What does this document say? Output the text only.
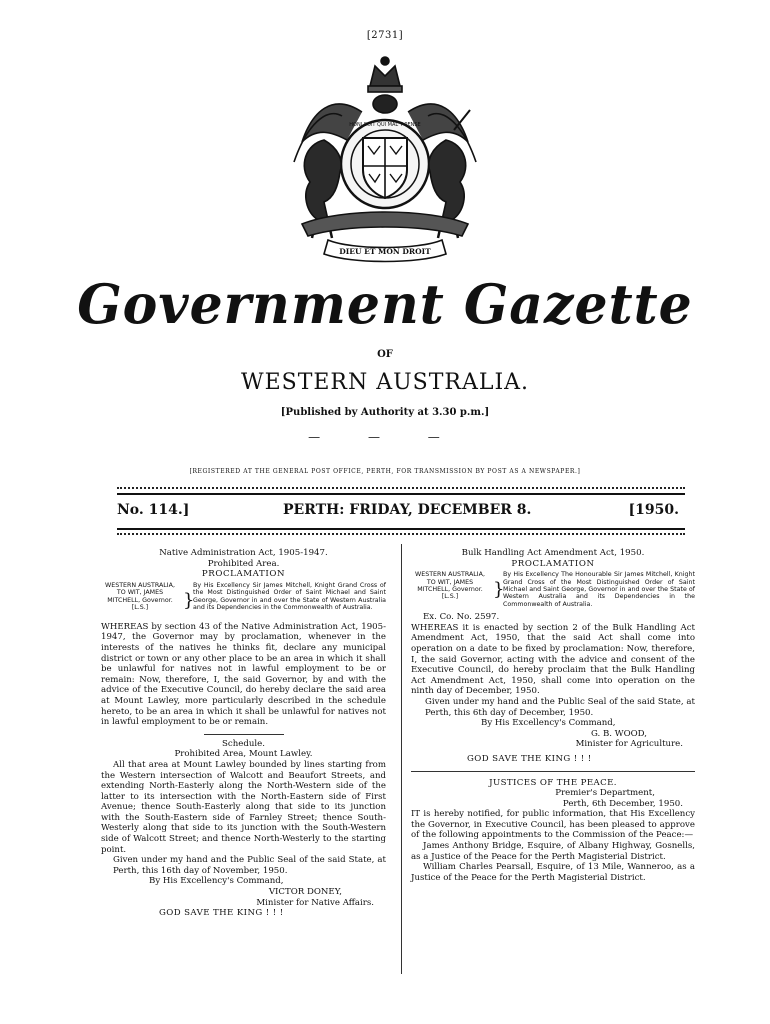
[2731]
DIEU ET MON DROIT
HONI SOIT QUI MAL Y PENSE
Government Gazette
OF
WESTERN AUSTRALIA.
[Published by Authority at 3.30 p.m.]
— — —
[REGISTERED AT THE GENERAL POST OFFICE, PERTH, FOR TRANSMISSION BY POST AS A NEWSPAPER.]
No. 114.]	PERTH: FRIDAY, DECEMBER 8.	[1950.

Native Administration Act, 1905-1947.

Prohibited Area.

PROCLAMATION

WESTERN AUSTRALIA, TO WIT, JAMES MITCHELL, Governor. [L.S.]	}
By His Excellency Sir James Mitchell, Knight Grand Cross of the Most Distinguished Order of Saint Michael and Saint George, Governor in and over the State of Western Australia and its Dependencies in the Commonwealth of Australia.

WHEREAS by section 43 of the Native Administration Act, 1905-1947, the Governor may by proclamation, whenever in the interests of the natives he thinks fit, declare any municipal district or town or any other place to be an area in which it shall be unlawful for natives not in lawful employment to be or remain: Now, therefore, I, the said Governor, by and with the advice of the Executive Council, do hereby declare the said area at Mount Lawley, more particularly described in the schedule hereto, to be an area in which it shall be unlawful for natives not in lawful employment to be or remain.

Schedule.

Prohibited Area, Mount Lawley.

All that area at Mount Lawley bounded by lines starting from the Western intersection of Walcott and Beaufort Streets, and extending North-Easterly along the North-Western side of the latter to its intersection with the North-Eastern side of First Avenue; thence South-Easterly along that side to its junction with the South-Eastern side of Farnley Street; thence South-Westerly along that side to its junction with the South-Western side of Walcott Street; and thence North-Westerly to the starting point.

Given under my hand and the Public Seal of the said State, at Perth, this 16th day of November, 1950.

By His Excellency's Command,

VICTOR DONEY,

Minister for Native Affairs.

GOD SAVE THE KING ! ! !

Bulk Handling Act Amendment Act, 1950.

PROCLAMATION

WESTERN AUSTRALIA, TO WIT, JAMES MITCHELL, Governor. [L.S.]	}
By His Excellency The Honourable Sir James Mitchell, Knight Grand Cross of the Most Distinguished Order of Saint Michael and Saint George, Governor in and over the State of Western Australia and its Dependencies in the Commonwealth of Australia.

Ex. Co. No. 2597.

WHEREAS it is enacted by section 2 of the Bulk Handling Act Amendment Act, 1950, that the said Act shall come into operation on a date to be fixed by proclamation: Now, therefore, I, the said Governor, acting with the advice and consent of the Executive Council, do hereby proclaim that the Bulk Handling Act Amendment Act, 1950, shall come into operation on the ninth day of December, 1950.

Given under my hand and the Public Seal of the said State, at Perth, this 6th day of December, 1950.

By His Excellency's Command,

G. B. WOOD,

Minister for Agriculture.

GOD SAVE THE KING ! ! !

JUSTICES OF THE PEACE.

Premier's Department,

Perth, 6th December, 1950.

IT is hereby notified, for public information, that His Excellency the Governor, in Executive Council, has been pleased to approve of the following appointments to the Commission of the Peace:—

James Anthony Bridge, Esquire, of Albany Highway, Gosnells, as a Justice of the Peace for the Perth Magisterial District.

William Charles Pearsall, Esquire, of 13 Mile, Wanneroo, as a Justice of the Peace for the Perth Magisterial District.
